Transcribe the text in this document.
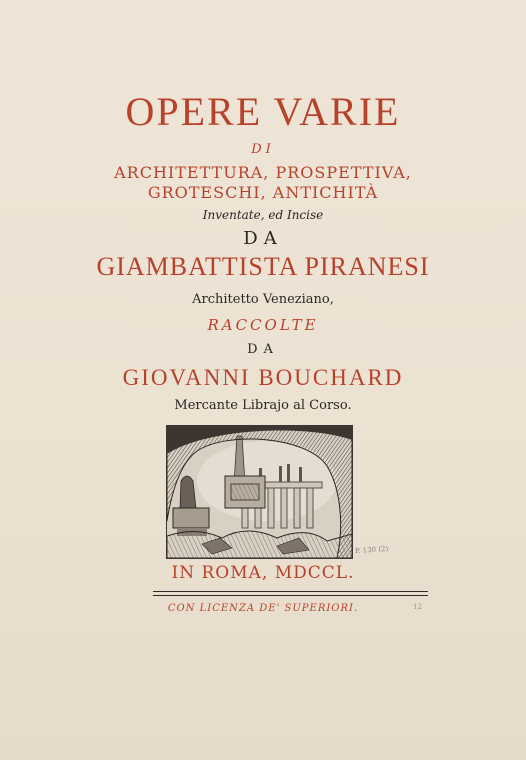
OPERE VARIE
DI
ARCHITETTURA, PROSPETTIVA,
GROTESCHI, ANTICHITÀ
Inventate, ed Incise
DA
GIAMBATTISTA PIRANESI
Architetto Veneziano,
RACCOLTE
DA
GIOVANNI BOUCHARD
Mercante Librajo al Corso.
P. 130 (2)
IN ROMA, MDCCL.
CON LICENZA DE' SUPERIORI.	12
